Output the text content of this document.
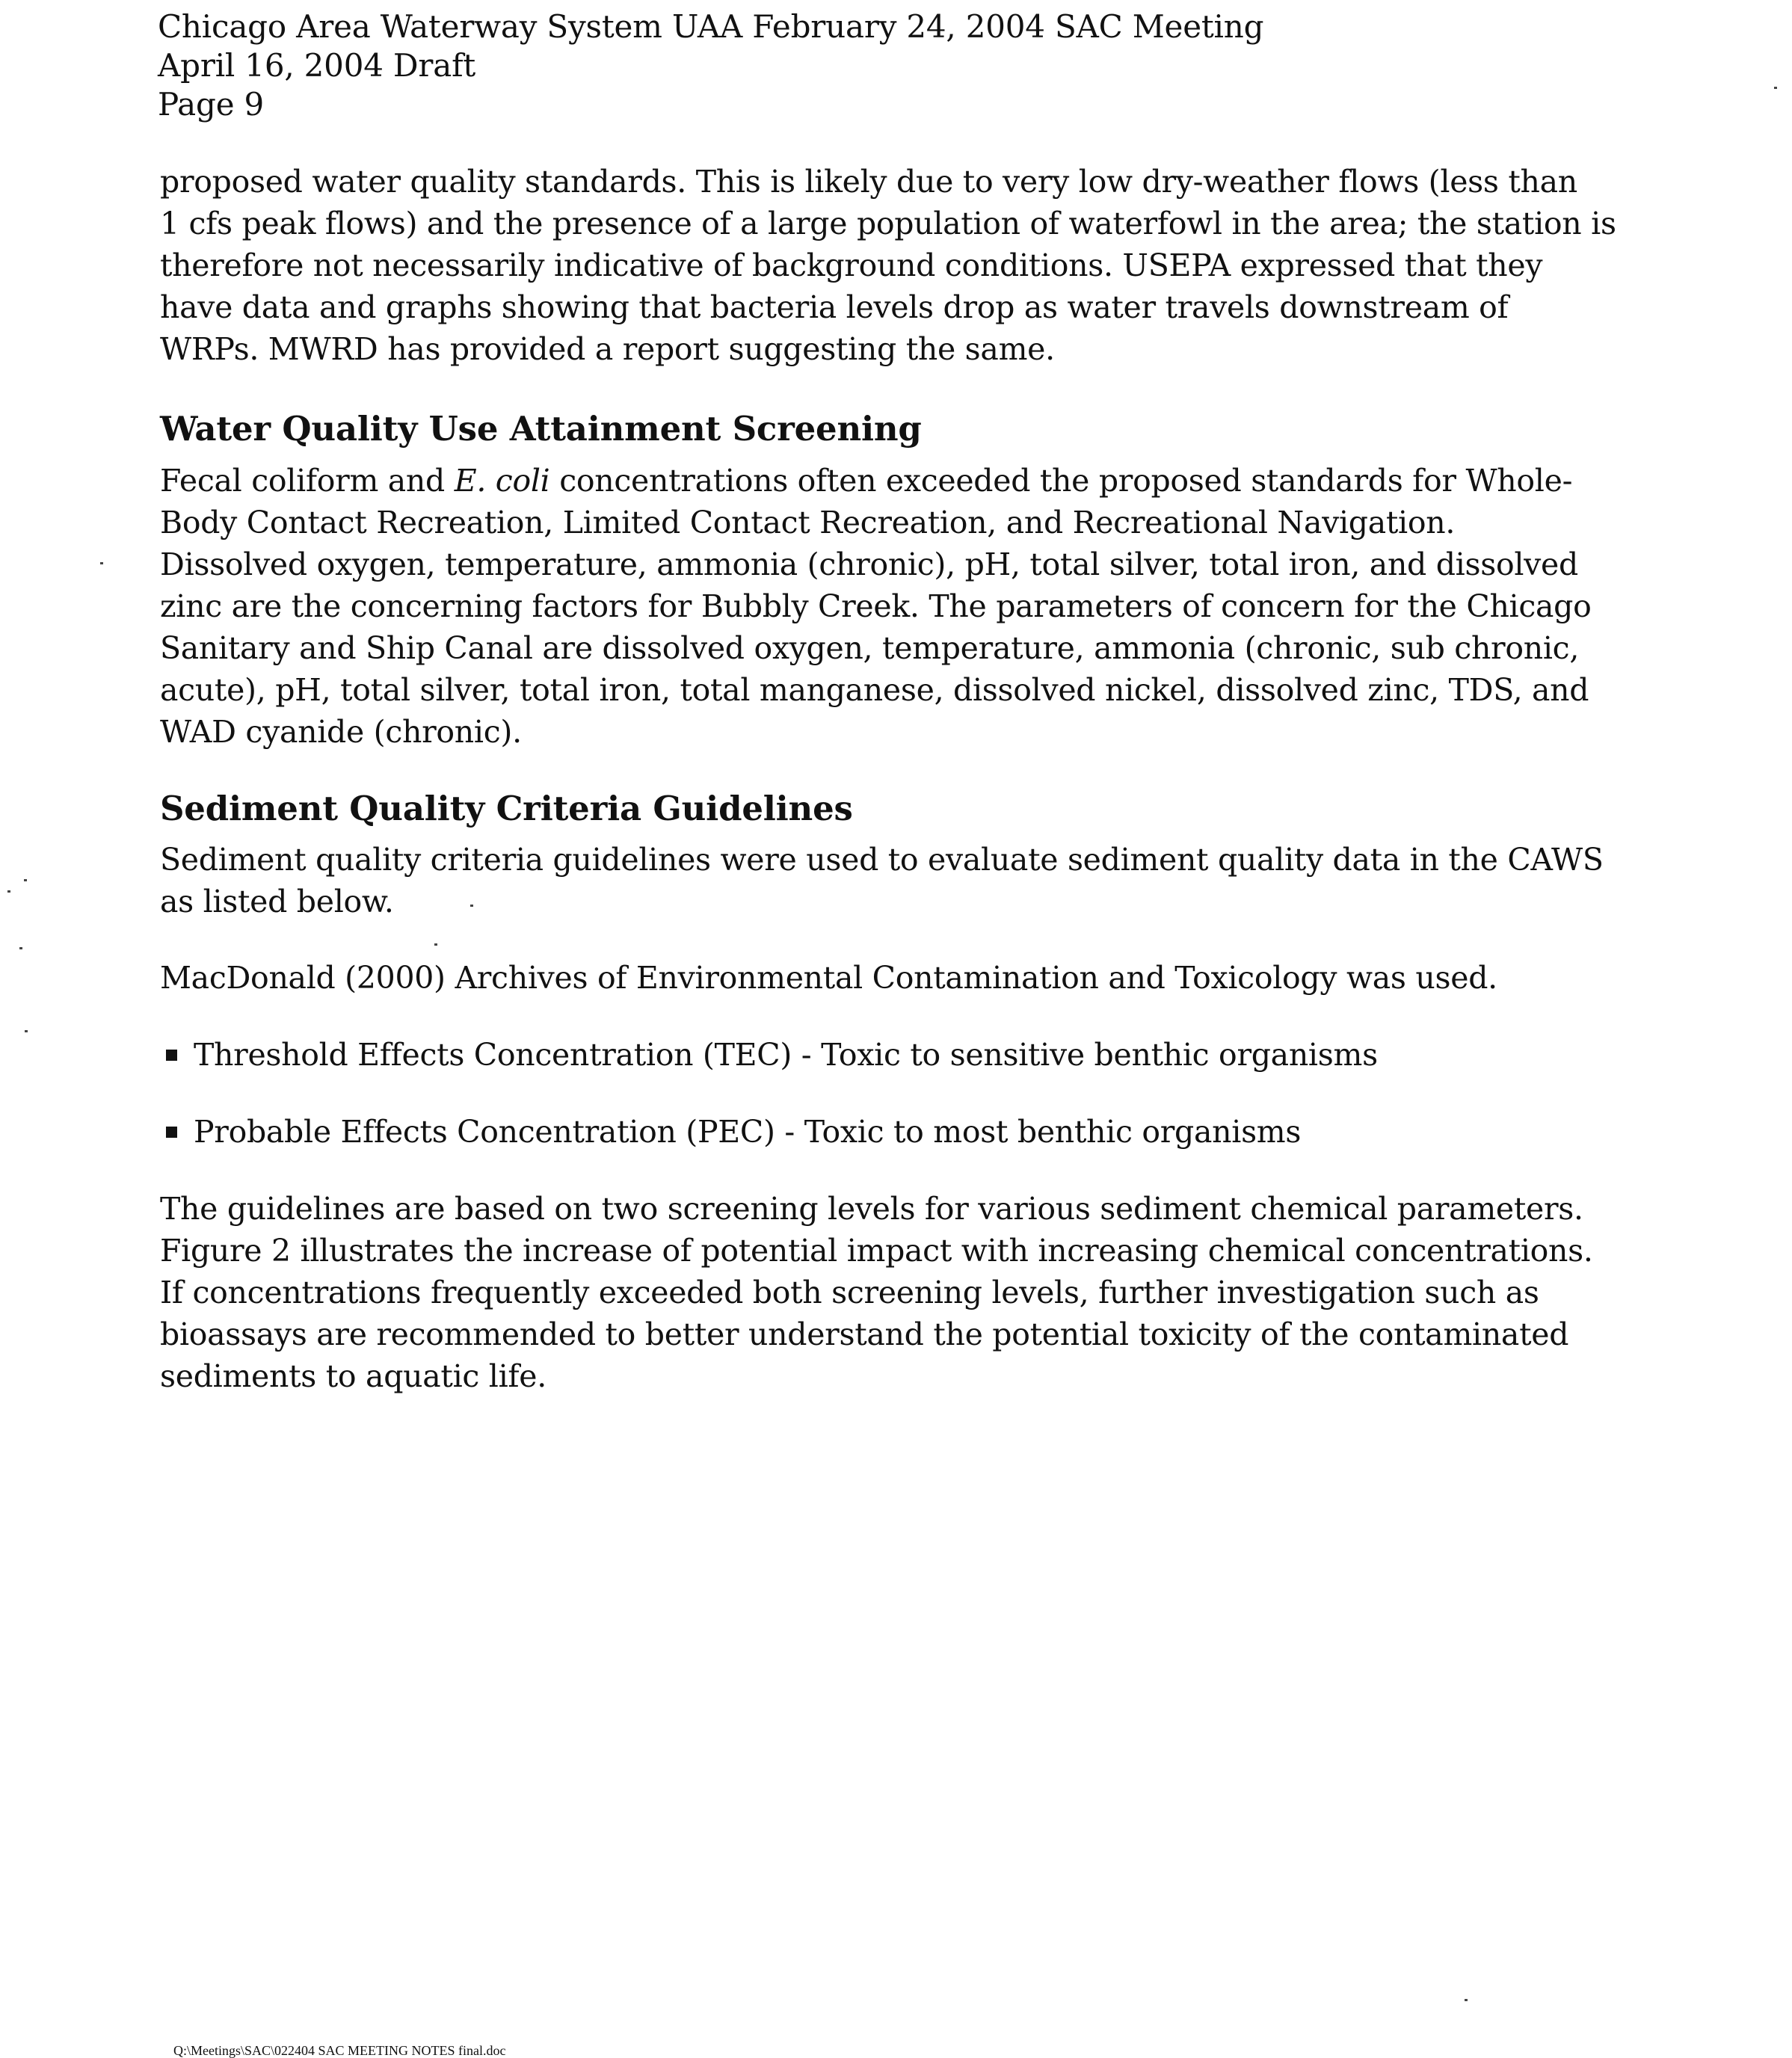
Chicago Area Waterway System UAA February 24, 2004 SAC Meeting
April 16, 2004 Draft
Page 9
proposed water quality standards. This is likely due to very low dry-weather flows (less than
1 cfs peak flows) and the presence of a large population of waterfowl in the area; the station is
therefore not necessarily indicative of background conditions. USEPA expressed that they
have data and graphs showing that bacteria levels drop as water travels downstream of
WRPs. MWRD has provided a report suggesting the same.
Water Quality Use Attainment Screening
Fecal coliform and E. coli concentrations often exceeded the proposed standards for Whole-
Body Contact Recreation, Limited Contact Recreation, and Recreational Navigation.
Dissolved oxygen, temperature, ammonia (chronic), pH, total silver, total iron, and dissolved
zinc are the concerning factors for Bubbly Creek. The parameters of concern for the Chicago
Sanitary and Ship Canal are dissolved oxygen, temperature, ammonia (chronic, sub chronic,
acute), pH, total silver, total iron, total manganese, dissolved nickel, dissolved zinc, TDS, and
WAD cyanide (chronic).
Sediment Quality Criteria Guidelines
Sediment quality criteria guidelines were used to evaluate sediment quality data in the CAWS
as listed below.
MacDonald (2000) Archives of Environmental Contamination and Toxicology was used.
Threshold Effects Concentration (TEC) - Toxic to sensitive benthic organisms
Probable Effects Concentration (PEC) - Toxic to most benthic organisms
The guidelines are based on two screening levels for various sediment chemical parameters.
Figure 2 illustrates the increase of potential impact with increasing chemical concentrations.
If concentrations frequently exceeded both screening levels, further investigation such as
bioassays are recommended to better understand the potential toxicity of the contaminated
sediments to aquatic life.
Q:\Meetings\SAC\022404 SAC MEETING NOTES final.doc
